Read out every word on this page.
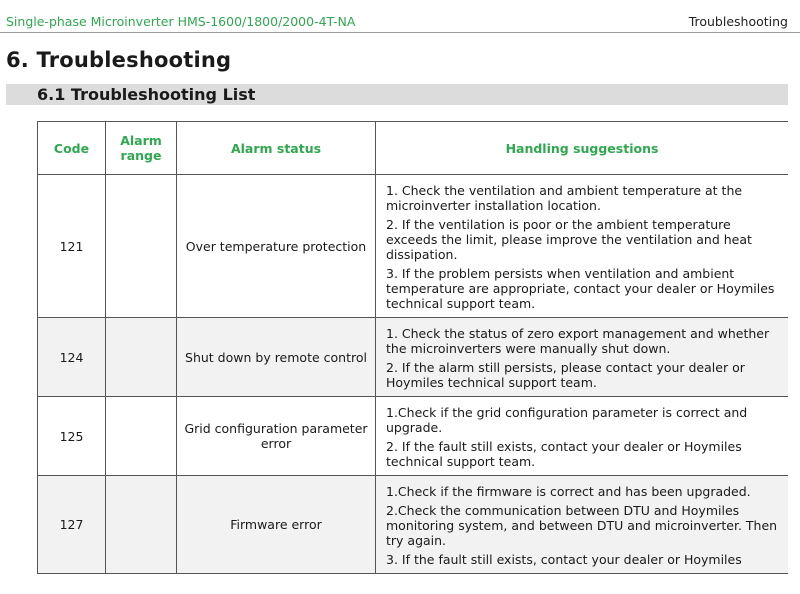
Single-phase Microinverter HMS-1600/1800/2000-4T-NA	Troubleshooting
6. Troubleshooting
6.1 Troubleshooting List
Code	Alarm range	Alarm status	Handling suggestions
121		Over temperature protection	1. Check the ventilation and ambient temperature at the microinverter installation location.
2. If the ventilation is poor or the ambient temperature exceeds the limit, please improve the ventilation and heat dissipation.
3. If the problem persists when ventilation and ambient temperature are appropriate, contact your dealer or Hoymiles technical support team.

124		Shut down by remote control	1. Check the status of zero export management and whether the microinverters were manually shut down.
2. If the alarm still persists, please contact your dealer or Hoymiles technical support team.

125		Grid configuration parameter error	1.Check if the grid configuration parameter is correct and upgrade.
2. If the fault still exists, contact your dealer or Hoymiles technical support team.

127		Firmware error	1.Check if the firmware is correct and has been upgraded.
2.Check the communication between DTU and Hoymiles monitoring system, and between DTU and microinverter. Then try again.
3. If the fault still exists, contact your dealer or Hoymiles
